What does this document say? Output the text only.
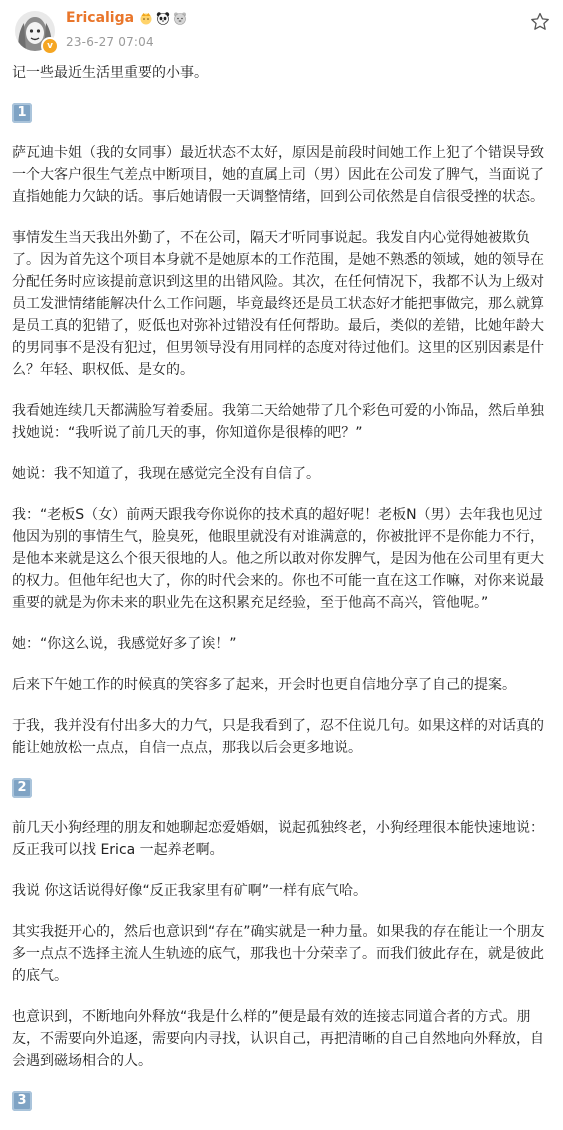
v
Ericaliga
23-6-27 07:04

记一些最近生活里重要的小事。

1

萨瓦迪卡姐（我的女同事）最近状态不太好，原因是前段时间她工作上犯了个错误导致一个大客户很生气差点中断项目，她的直属上司（男）因此在公司发了脾气，当面说了直指她能力欠缺的话。事后她请假一天调整情绪，回到公司依然是自信很受挫的状态。

事情发生当天我出外勤了，不在公司，隔天才听同事说起。我发自内心觉得她被欺负了。因为首先这个项目本身就不是她原本的工作范围，是她不熟悉的领域，她的领导在分配任务时应该提前意识到这里的出错风险。其次，在任何情况下，我都不认为上级对员工发泄情绪能解决什么工作问题，毕竟最终还是员工状态好才能把事做完，那么就算是员工真的犯错了，贬低也对弥补过错没有任何帮助。最后，类似的差错，比她年龄大的男同事不是没有犯过，但男领导没有用同样的态度对待过他们。这里的区别因素是什么？年轻、职权低、是女的。

我看她连续几天都满脸写着委屈。我第二天给她带了几个彩色可爱的小饰品，然后单独找她说：“我听说了前几天的事，你知道你是很棒的吧？”

她说：我不知道了，我现在感觉完全没有自信了。

我：“老板S（女）前两天跟我夸你说你的技术真的超好呢！老板N（男）去年我也见过他因为别的事情生气，脸臭死，他眼里就没有对谁满意的，你被批评不是你能力不行，是他本来就是这么个很天很地的人。他之所以敢对你发脾气，是因为他在公司里有更大的权力。但他年纪也大了，你的时代会来的。你也不可能一直在这工作嘛，对你来说最重要的就是为你未来的职业先在这积累充足经验，至于他高不高兴，管他呢。”

她：“你这么说，我感觉好多了诶！”

后来下午她工作的时候真的笑容多了起来，开会时也更自信地分享了自己的提案。

于我，我并没有付出多大的力气，只是我看到了，忍不住说几句。如果这样的对话真的能让她放松一点点，自信一点点，那我以后会更多地说。

2

前几天小狗经理的朋友和她聊起恋爱婚姻，说起孤独终老，小狗经理很本能快速地说：反正我可以找 Erica 一起养老啊。

我说 你这话说得好像“反正我家里有矿啊”一样有底气哈。

其实我挺开心的，然后也意识到“存在”确实就是一种力量。如果我的存在能让一个朋友多一点点不选择主流人生轨迹的底气，那我也十分荣幸了。而我们彼此存在，就是彼此的底气。

也意识到，不断地向外释放“我是什么样的”便是最有效的连接志同道合者的方式。朋友，不需要向外追逐，需要向内寻找，认识自己，再把清晰的自己自然地向外释放，自会遇到磁场相合的人。

3
